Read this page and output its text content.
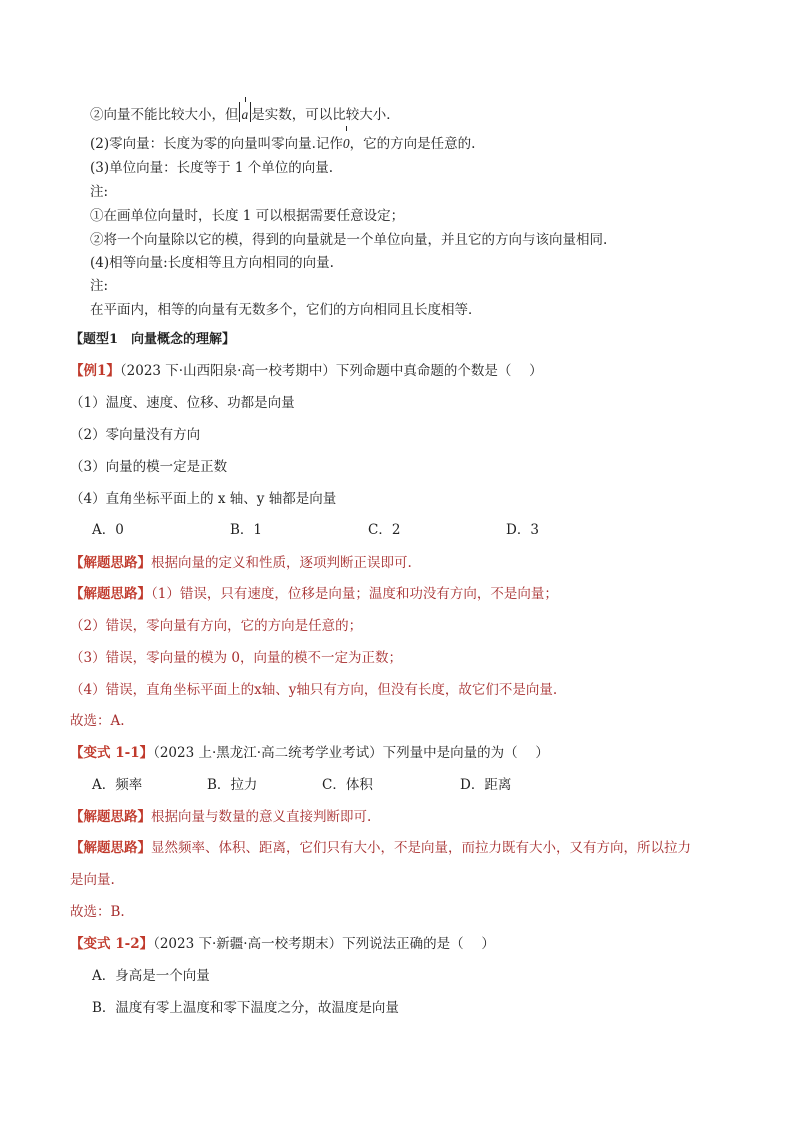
②向量不能比较大小，但 a 是实数，可以比较大小．
(2)零向量：长度为零的向量叫零向量.记作
0，它的方向是任意的.
(3)单位向量：长度等于 1 个单位的向量.
注:
①在画单位向量时，长度 1 可以根据需要任意设定；
②将一个向量除以它的模，得到的向量就是一个单位向量，并且它的方向与该向量相同.
(4)相等向量:长度相等且方向相同的向量.
注:
在平面内，相等的向量有无数多个，它们的方向相同且长度相等．
【题型1　向量概念的理解】
【例1】（2023 下·山西阳泉·高一校考期中）下列命题中真命题的个数是（　 ）
（1）温度、速度、位移、功都是向量
（2）零向量没有方向
（3）向量的模一定是正数
（4）直角坐标平面上的 x 轴、y 轴都是向量
A．0	B．1	C．2	D．3
【解题思路】根据向量的定义和性质，逐项判断正误即可.
【解题思路】（1）错误，只有速度，位移是向量；温度和功没有方向，不是向量；
（2）错误，零向量有方向，它的方向是任意的；
（3）错误，零向量的模为 0，向量的模不一定为正数；
（4）错误，直角坐标平面上的x轴、y轴只有方向，但没有长度，故它们不是向量.
故选：A.
【变式 1-1】（2023 上·黑龙江·高二统考学业考试）下列量中是向量的为（　 ）
A．频率	B．拉力	C．体积	D．距离
【解题思路】根据向量与数量的意义直接判断即可.
【解题思路】显然频率、体积、距离，它们只有大小，不是向量，而拉力既有大小，又有方向，所以拉力
是向量.
故选：B.
【变式 1-2】（2023 下·新疆·高一校考期末）下列说法正确的是（　 ）
A．身高是一个向量
B．温度有零上温度和零下温度之分，故温度是向量
